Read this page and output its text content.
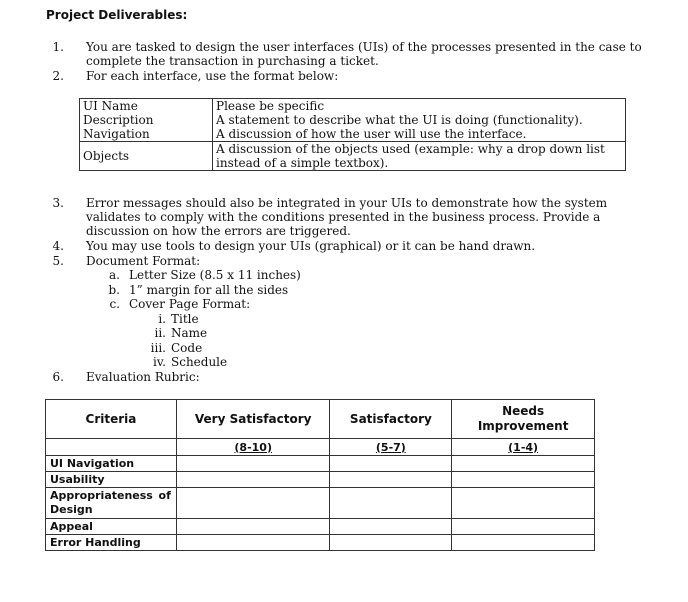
Project Deliverables:
1. You are tasked to design the user interfaces (UIs) of the processes presented in the case to
complete the transaction in purchasing a ticket.
2. For each interface, use the format below:
UI Name	Please be specific
Description	A statement to describe what the UI is doing (functionality).
Navigation	A discussion of how the user will use the interface.
Objects	A discussion of the objects used (example: why a drop down list
instead of a simple textbox).
3. Error messages should also be integrated in your UIs to demonstrate how the system
validates to comply with the conditions presented in the business process. Provide a
discussion on how the errors are triggered.
4. You may use tools to design your UIs (graphical) or it can be hand drawn.
5. Document Format:
a. Letter Size (8.5 x 11 inches)
b. 1” margin for all the sides
c. Cover Page Format:
i. Title
ii. Name
iii. Code
iv. Schedule
6. Evaluation Rubric:
Criteria	Very Satisfactory	Satisfactory	Needs
Improvement

	(8-10)	(5-7)	(1-4)
UI Navigation			
Usability			

Appropriateness of
Design			

Appeal			
Error Handling			
